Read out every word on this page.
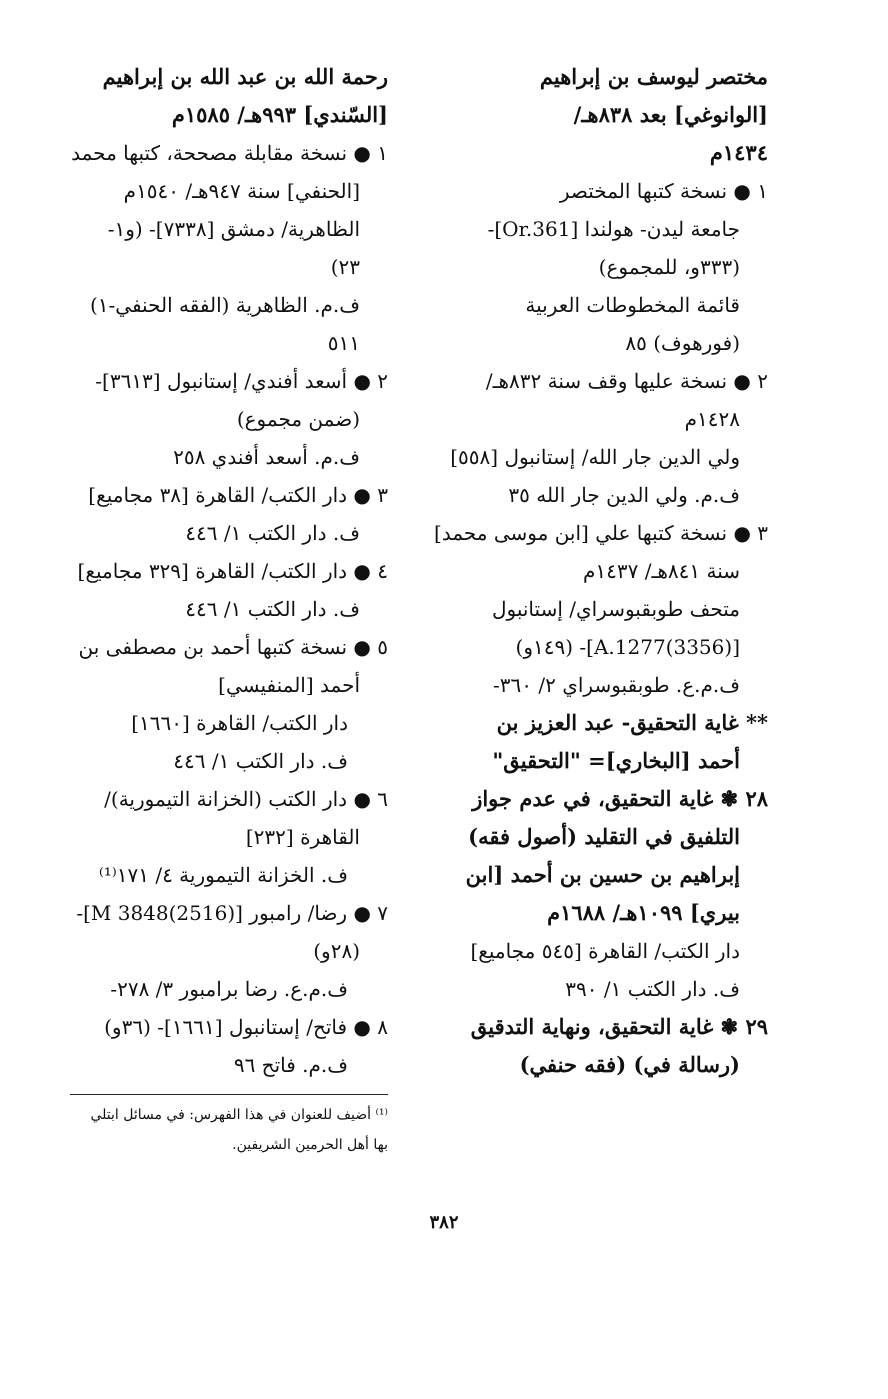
مختصر ليوسف بن إبراهيم
[الوانوغي] بعد ٨٣٨هـ/
١٤٣٤م
١ ● نسخة كتبها المختصر
جامعة ليدن- هولندا [Or.361]-
(٣٣٣و، للمجموع)
قائمة المخطوطات العربية
(فورهوف) ٨٥
٢ ● نسخة عليها وقف سنة ٨٣٢هـ/
١٤٢٨م
ولي الدين جار الله/ إستانبول [٥٥٨]
ف.م. ولي الدين جار الله ٣٥
٣ ● نسخة كتبها علي [ابن موسى محمد]
سنة ٨٤١هـ/ ١٤٣٧م
متحف طوبقبوسراي/ إستانبول
[(3356)A.1277]- (١٤٩و)
ف.م.ع. طوبقبوسراي ٢/ ٣٦٠-
** غاية التحقيق- عبد العزيز بن
أحمد [البخاري]= "التحقيق"
٢٨ ❃ غاية التحقيق، في عدم جواز
التلفيق في التقليد (أصول فقه)
إبراهيم بن حسين بن أحمد [ابن
بيري] ١٠٩٩هـ/ ١٦٨٨م
دار الكتب/ القاهرة [٥٤٥ مجاميع]
ف. دار الكتب ١/ ٣٩٠
٢٩ ❃ غاية التحقيق، ونهاية التدقيق
(رسالة في) (فقه حنفي)
رحمة الله بن عبد الله بن إبراهيم
[السّندي] ٩٩٣هـ/ ١٥٨٥م
١ ● نسخة مقابلة مصححة، كتبها محمد
[الحنفي] سنة ٩٤٧هـ/ ١٥٤٠م
الظاهرية/ دمشق [٧٣٣٨]- (و١-
٢٣)
ف.م. الظاهرية (الفقه الحنفي-١)
٥١١
٢ ● أسعد أفندي/ إستانبول [٣٦١٣]-
(ضمن مجموع)
ف.م. أسعد أفندي ٢٥٨
٣ ● دار الكتب/ القاهرة [٣٨ مجاميع]
ف. دار الكتب ١/ ٤٤٦
٤ ● دار الكتب/ القاهرة [٣٢٩ مجاميع]
ف. دار الكتب ١/ ٤٤٦
٥ ● نسخة كتبها أحمد بن مصطفى بن
أحمد [المنفيسي]
دار الكتب/ القاهرة [١٦٦٠]
ف. دار الكتب ١/ ٤٤٦
٦ ● دار الكتب (الخزانة التيمورية)/
القاهرة [٢٣٢]
ف. الخزانة التيمورية ٤/ ١٧١⁽¹⁾
٧ ● رضا/ رامبور [M 3848(2516)]-
(٢٨و)
ف.م.ع. رضا برامبور ٣/ ٢٧٨-
٨ ● فاتح/ إستانبول [١٦٦١]- (٣٦و)
ف.م. فاتح ٩٦
⁽¹⁾ أضيف للعنوان في هذا الفهرس: في مسائل ابتلي
بها أهل الحرمين الشريفين.
٣٨٢
